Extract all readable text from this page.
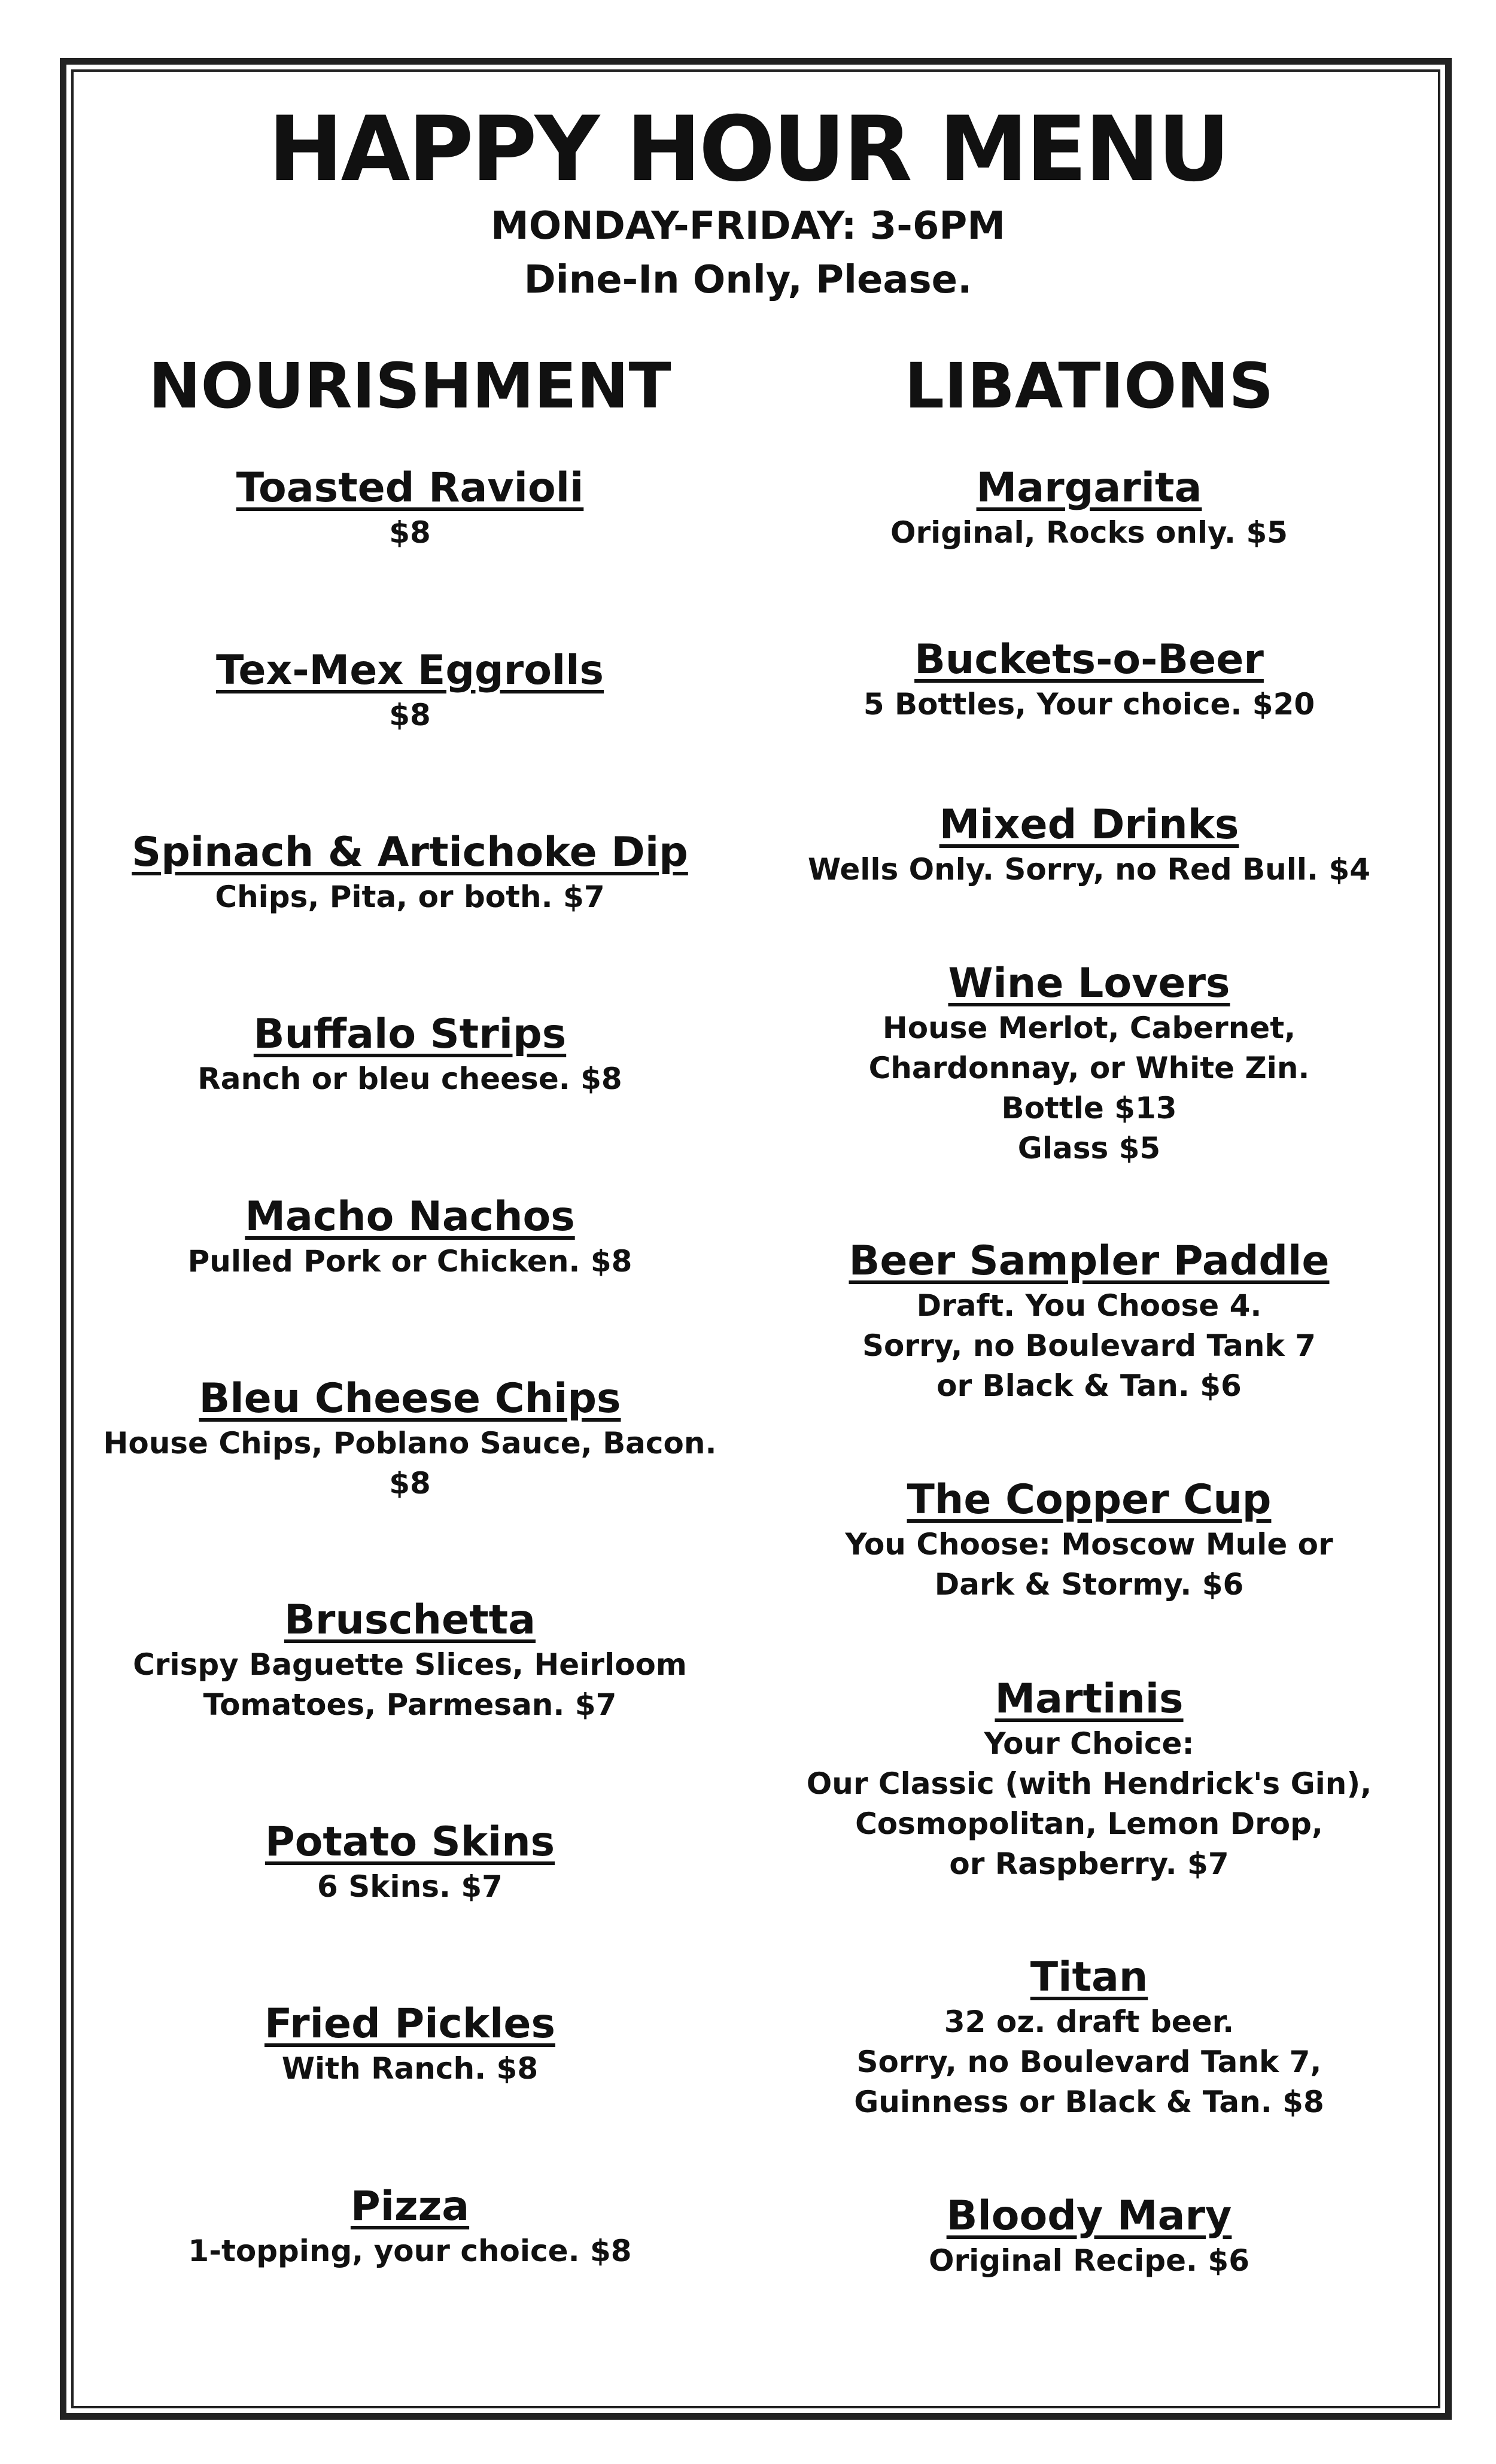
HAPPY HOUR MENU
MONDAY-FRIDAY: 3-6PM
Dine-In Only, Please.
NOURISHMENT	LIBATIONS
Toasted Ravioli
$8
Tex-Mex Eggrolls
$8
Spinach & Artichoke Dip
Chips, Pita, or both. $7
Buffalo Strips
Ranch or bleu cheese. $8
Macho Nachos
Pulled Pork or Chicken. $8
Bleu Cheese Chips
House Chips, Poblano Sauce, Bacon.
$8
Bruschetta
Crispy Baguette Slices, Heirloom
Tomatoes, Parmesan. $7
Potato Skins
6 Skins. $7
Fried Pickles
With Ranch. $8
Pizza
1-topping, your choice. $8
Margarita
Original, Rocks only. $5
Buckets-o-Beer
5 Bottles, Your choice. $20
Mixed Drinks
Wells Only. Sorry, no Red Bull. $4
Wine Lovers
House Merlot, Cabernet,
Chardonnay, or White Zin.
Bottle $13
Glass $5
Beer Sampler Paddle
Draft. You Choose 4.
Sorry, no Boulevard Tank 7
or Black & Tan. $6
The Copper Cup
You Choose: Moscow Mule or
Dark & Stormy. $6
Martinis
Your Choice:
Our Classic (with Hendrick's Gin),
Cosmopolitan, Lemon Drop,
or Raspberry. $7
Titan
32 oz. draft beer.
Sorry, no Boulevard Tank 7,
Guinness or Black & Tan. $8
Bloody Mary
Original Recipe. $6
